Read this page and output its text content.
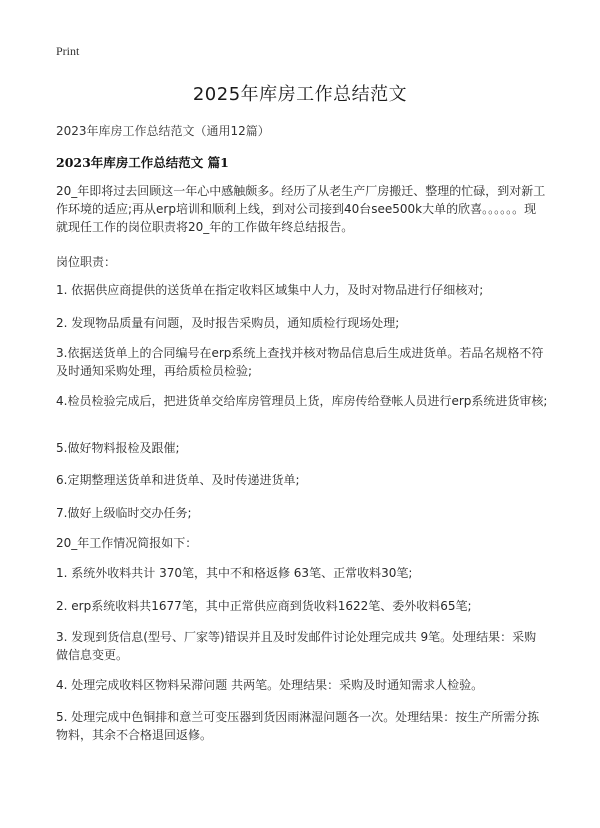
Print
2025年库房工作总结范文
2023年库房工作总结范文（通用12篇）
2023年库房工作总结范文 篇1
20_年即将过去回顾这一年心中感触颇多。经历了从老生产厂房搬迁、整理的忙碌，到对新工作环境的适应;再从erp培训和顺利上线，到对公司接到40台see500k大单的欣喜。。。。。。现就现任工作的岗位职责将20_年的工作做年终总结报告。
岗位职责：
1. 依据供应商提供的送货单在指定收料区域集中人力，及时对物品进行仔细核对;
2. 发现物品质量有问题，及时报告采购员，通知质检行现场处理;
3.依据送货单上的合同编号在erp系统上查找并核对物品信息后生成进货单。若品名规格不符及时通知采购处理，再给质检员检验;
4.检员检验完成后，把进货单交给库房管理员上货，库房传给登帐人员进行erp系统进货审核;
5.做好物料报检及跟催;
6.定期整理送货单和进货单、及时传递进货单;
7.做好上级临时交办任务;
20_年工作情况简报如下：
1. 系统外收料共计 370笔，其中不和格返修 63笔、正常收料30笔;
2. erp系统收料共1677笔，其中正常供应商到货收料1622笔、委外收料65笔;
3. 发现到货信息(型号、厂家等)错误并且及时发邮件讨论处理完成共 9笔。处理结果：采购做信息变更。
4. 处理完成收料区物料呆滞问题 共两笔。处理结果：采购及时通知需求人检验。
5. 处理完成中色铜排和意兰可变压器到货因雨淋湿问题各一次。处理结果：按生产所需分拣物料，其余不合格退回返修。
